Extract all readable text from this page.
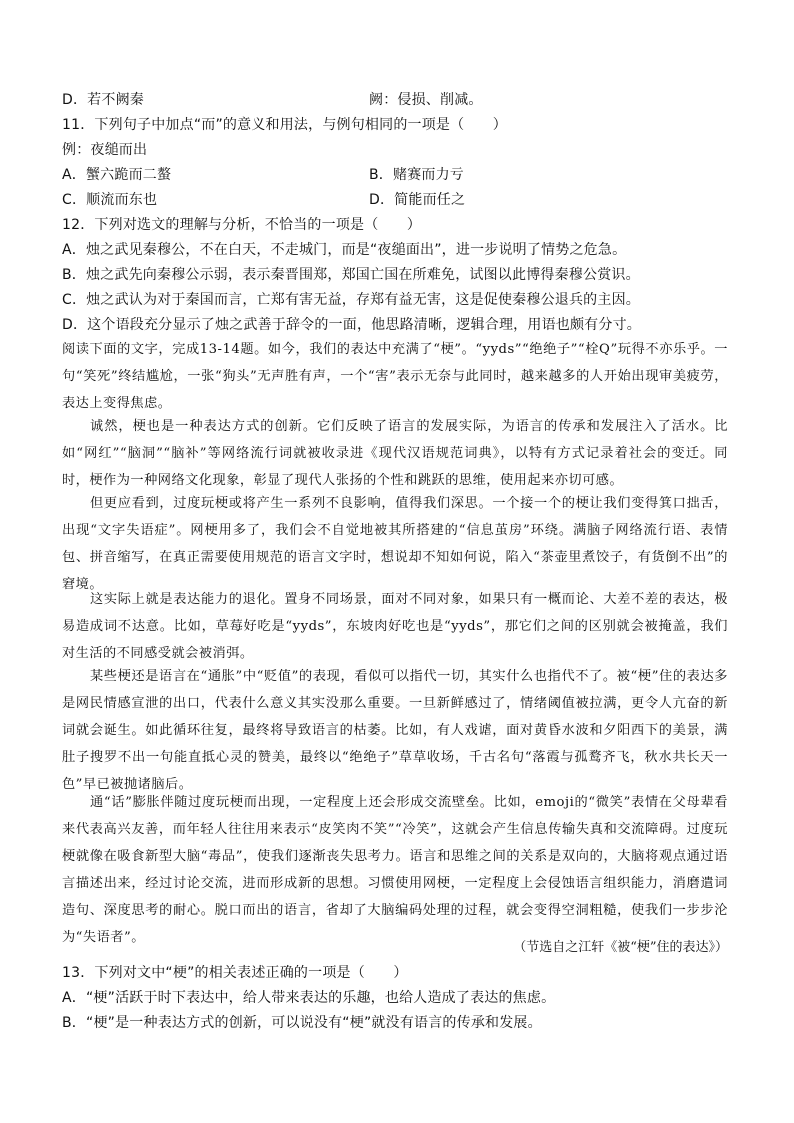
D．若不阙秦	阙：侵损、削减。
11．下列句子中加点“而”的意义和用法，与例句相同的一项是（　　）
例：夜缒而出
A．蟹六跪而二螯	B．赌赛而力亏
C．顺流而东也	D．简能而任之
12．下列对选文的理解与分析，不恰当的一项是（　　）
A．烛之武见秦穆公，不在白天，不走城门，而是“夜缒面出”，进一步说明了情势之危急。
B．烛之武先向秦穆公示弱，表示秦晋围郑，郑国亡国在所难免，试图以此博得秦穆公赏识。
C．烛之武认为对于秦国而言，亡郑有害无益，存郑有益无害，这是促使秦穆公退兵的主因。
D．这个语段充分显示了烛之武善于辞令的一面，他思路清晰，逻辑合理，用语也颇有分寸。
阅读下面的文字，完成13-14题。如今，我们的表达中充满了“梗”。“yyds”“绝绝子”“栓Q”玩得不亦乐乎。一句“笑死”终结尴尬，一张“狗头”无声胜有声，一个“害”表示无奈与此同时，越来越多的人开始出现审美疲劳，表达上变得焦虑。
诚然，梗也是一种表达方式的创新。它们反映了语言的发展实际，为语言的传承和发展注入了活水。比如“网红”“脑洞”“脑补”等网络流行词就被收录进《现代汉语规范词典》，以特有方式记录着社会的变迁。同时，梗作为一种网络文化现象，彰显了现代人张扬的个性和跳跃的思维，使用起来亦切可感。
但更应看到，过度玩梗或将产生一系列不良影响，值得我们深思。一个接一个的梗让我们变得箕口拙舌，出现“文字失语症”。网梗用多了，我们会不自觉地被其所搭建的“信息茧房”环绕。满脑子网络流行语、表情包、拼音缩写，在真正需要使用规范的语言文字时，想说却不知如何说，陷入“茶壶里煮饺子，有货倒不出”的窘境。
这实际上就是表达能力的退化。置身不同场景，面对不同对象，如果只有一概而论、大差不差的表达，极易造成词不达意。比如，草莓好吃是“yyds”，东坡肉好吃也是“yyds”，那它们之间的区别就会被掩盖，我们对生活的不同感受就会被消弭。
某些梗还是语言在“通胀”中“贬值”的表现，看似可以指代一切，其实什么也指代不了。被“梗”住的表达多是网民情感宣泄的出口，代表什么意义其实没那么重要。一旦新鲜感过了，情绪阈值被拉满，更令人亢奋的新词就会诞生。如此循环往复，最终将导致语言的枯萎。比如，有人戏谑，面对黄昏水波和夕阳西下的美景，满肚子搜罗不出一句能直抵心灵的赞美，最终以“绝绝子”草草收场，千古名句“落霞与孤鹜齐飞，秋水共长天一色”早已被抛诸脑后。
通“话”膨胀伴随过度玩梗而出现，一定程度上还会形成交流壁垒。比如，emoji的“微笑”表情在父母辈看来代表高兴友善，而年轻人往往用来表示“皮笑肉不笑”“冷笑”，这就会产生信息传输失真和交流障碍。过度玩梗就像在吸食新型大脑“毒品”，使我们逐渐丧失思考力。语言和思维之间的关系是双向的，大脑将观点通过语言描述出来，经过讨论交流，进而形成新的思想。习惯使用网梗，一定程度上会侵蚀语言组织能力，消磨遣词造句、深度思考的耐心。脱口而出的语言，省却了大脑编码处理的过程，就会变得空洞粗糙，使我们一步步沦为“失语者”。
（节选自之江轩《被“梗”住的表达》）
13．下列对文中“梗”的相关表述正确的一项是（　　）
A．“梗”活跃于时下表达中，给人带来表达的乐趣，也给人造成了表达的焦虑。
B．“梗”是一种表达方式的创新，可以说没有“梗”就没有语言的传承和发展。
